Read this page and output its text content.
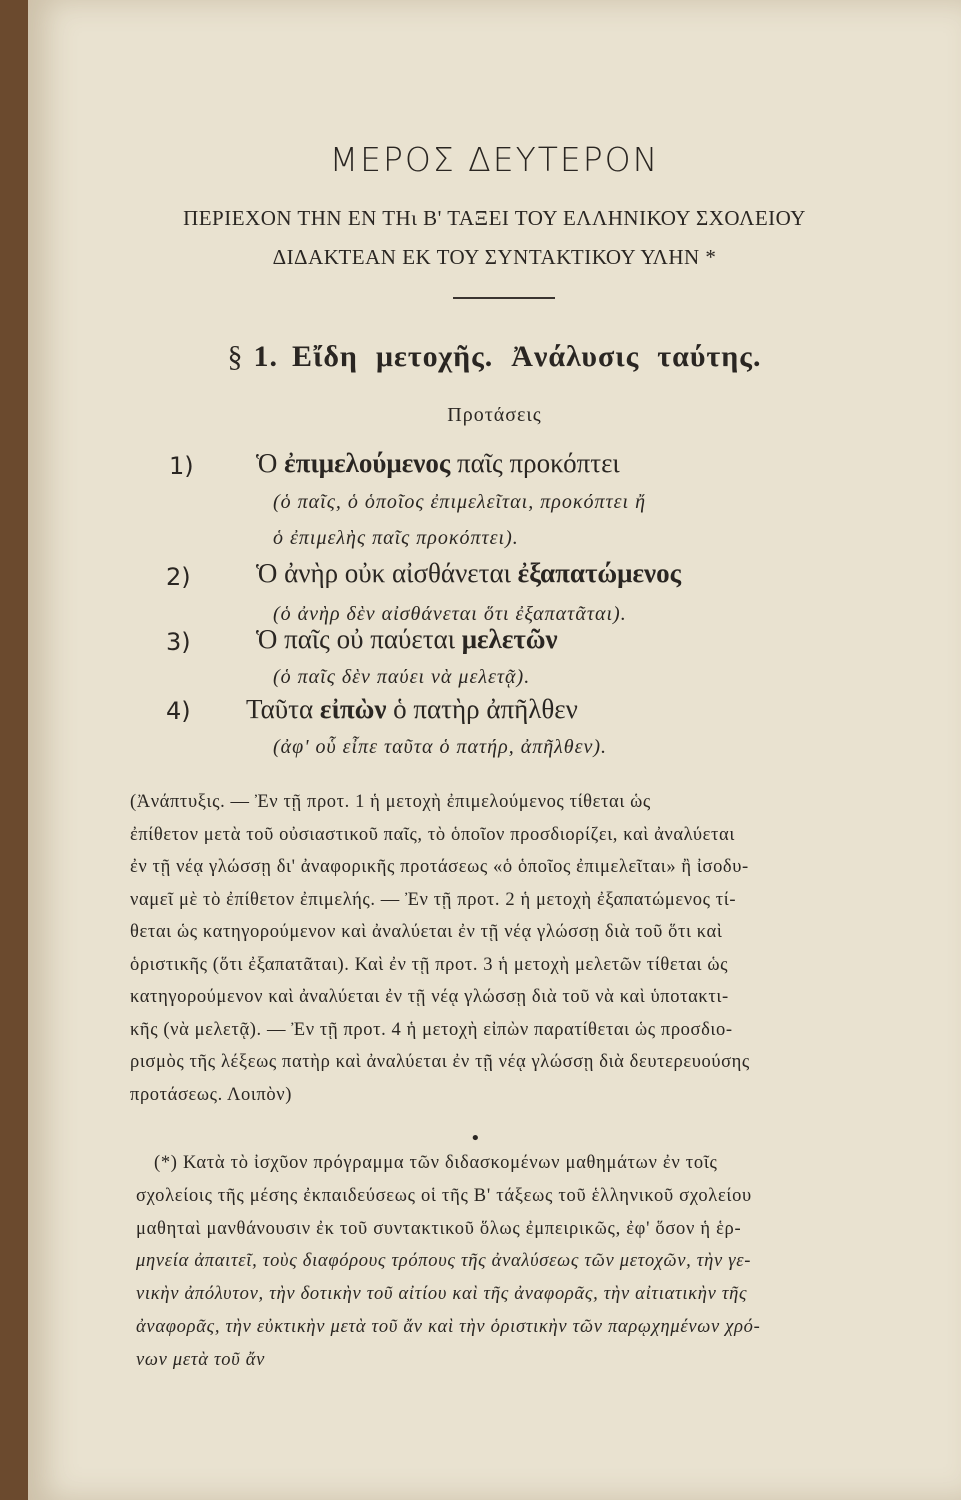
ΜΕΡΟΣ ΔΕΥΤΕΡΟΝ
ΠΕΡΙΕΧΟΝ ΤΗΝ ΕΝ ΤΗι Β' ΤΑΞΕΙ ΤΟΥ ΕΛΛΗΝΙΚΟΥ ΣΧΟΛΕΙΟΥ
ΔΙΔΑΚΤΕΑΝ ΕΚ ΤΟΥ ΣΥΝΤΑΚΤΙΚΟΥ ΥΛΗΝ *
§ 1. Εἴδη μετοχῆς. Ἀνάλυσις ταύτης.
Προτάσεις
1) Ὁ ἐπιμελούμενος παῖς προκόπτει
(ὁ παῖς, ὁ ὁποῖος ἐπιμελεῖται, προκόπτει ἤ
ὁ ἐπιμελὴς παῖς προκόπτει).
2) Ὁ ἀνὴρ οὐκ αἰσθάνεται ἐξαπατώμενος
(ὁ ἀνὴρ δὲν αἰσθάνεται ὅτι ἐξαπατᾶται).
3) Ὁ παῖς οὐ παύεται μελετῶν
(ὁ παῖς δὲν παύει νὰ μελετᾷ).
4) Ταῦτα εἰπὼν ὁ πατὴρ ἀπῆλθεν
(ἀφ' οὗ εἶπε ταῦτα ὁ πατήρ, ἀπῆλθεν).

(Ἀνάπτυξις. — Ἐν τῇ προτ. 1 ἡ μετοχὴ ἐπιμελούμενος τίθεται ὡς

ἐπίθετον μετὰ τοῦ οὐσιαστικοῦ παῖς, τὸ ὁποῖον προσδιορίζει, καὶ ἀναλύεται

ἐν τῇ νέᾳ γλώσσῃ δι' ἀναφορικῆς προτάσεως «ὁ ὁποῖος ἐπιμελεῖται» ἢ ἰσοδυ-

ναμεῖ μὲ τὸ ἐπίθετον ἐπιμελής. — Ἐν τῇ προτ. 2 ἡ μετοχὴ ἐξαπατώμενος τί-

θεται ὡς κατηγορούμενον καὶ ἀναλύεται ἐν τῇ νέᾳ γλώσσῃ διὰ τοῦ ὅτι καὶ

ὁριστικῆς (ὅτι ἐξαπατᾶται). Καὶ ἐν τῇ προτ. 3 ἡ μετοχὴ μελετῶν τίθεται ὡς

κατηγορούμενον καὶ ἀναλύεται ἐν τῇ νέᾳ γλώσσῃ διὰ τοῦ νὰ καὶ ὑποτακτι-

κῆς (νὰ μελετᾷ). — Ἐν τῇ προτ. 4 ἡ μετοχὴ εἰπὼν παρατίθεται ὡς προσδιο-

ρισμὸς τῆς λέξεως πατὴρ καὶ ἀναλύεται ἐν τῇ νέᾳ γλώσσῃ διὰ δευτερευούσης

προτάσεως. Λοιπὸν)

•

(*) Κατὰ τὸ ἰσχῦον πρόγραμμα τῶν διδασκομένων μαθημάτων ἐν τοῖς

σχολείοις τῆς μέσης ἐκπαιδεύσεως οἱ τῆς Β' τάξεως τοῦ ἑλληνικοῦ σχολείου

μαθηταὶ μανθάνουσιν ἐκ τοῦ συντακτικοῦ ὅλως ἐμπειρικῶς, ἐφ' ὅσον ἡ ἑρ-

μηνεία ἀπαιτεῖ, τοὺς διαφόρους τρόπους τῆς ἀναλύσεως τῶν μετοχῶν, τὴν γε-

νικὴν ἀπόλυτον, τὴν δοτικὴν τοῦ αἰτίου καὶ τῆς ἀναφορᾶς, τὴν αἰτιατικὴν τῆς

ἀναφορᾶς, τὴν εὐκτικὴν μετὰ τοῦ ἄν καὶ τὴν ὁριστικὴν τῶν παρῳχημένων χρό-

νων μετὰ τοῦ ἄν
